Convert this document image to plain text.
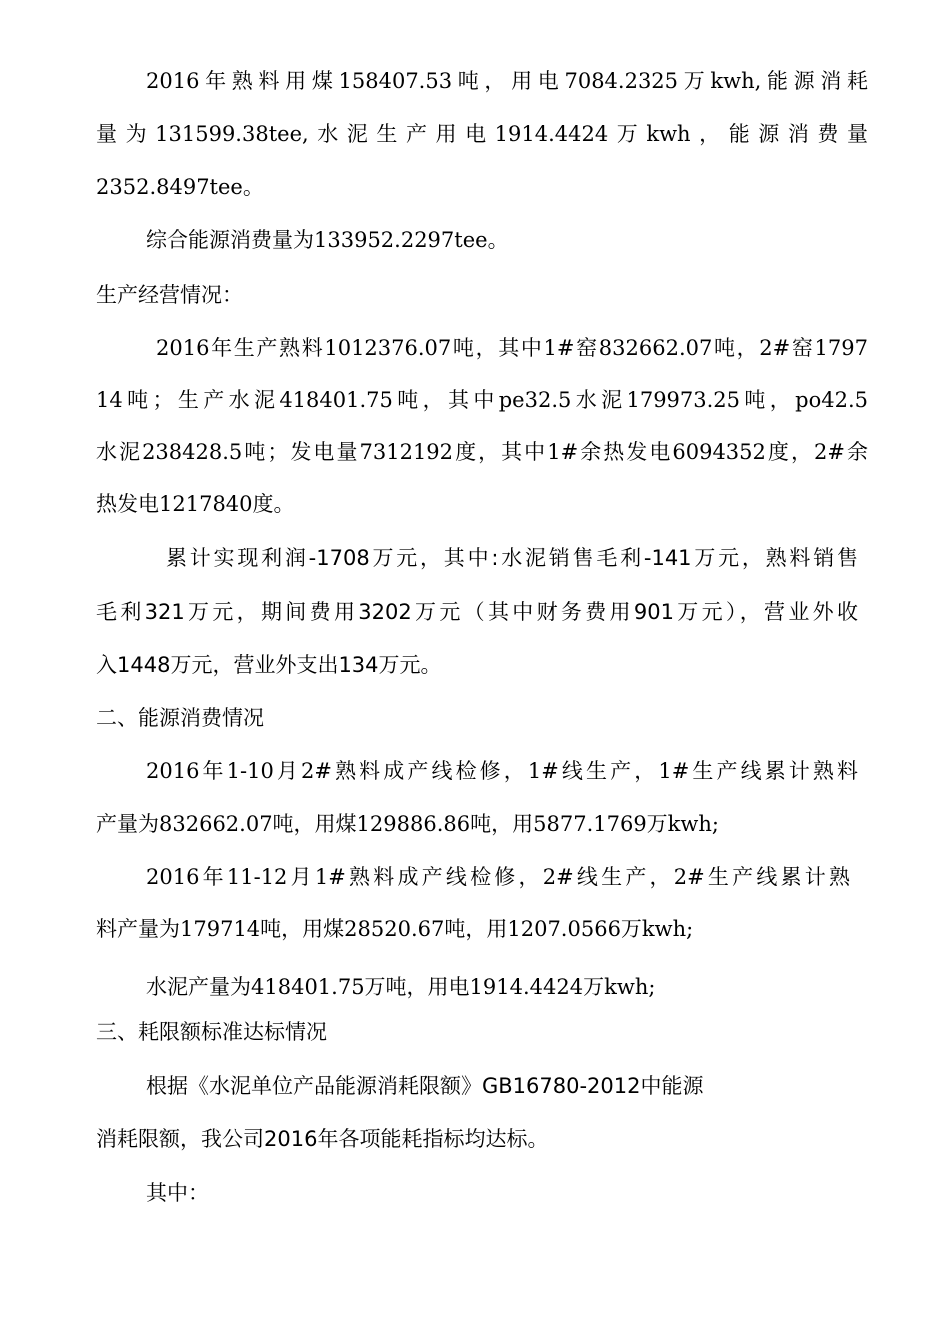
2016年熟料用煤158407.53吨，用电7084.2325万kwh,能源消耗
量为131599.38tee,水泥生产用电1914.4424万kwh，能源消费量
2352.8497tee。
综合能源消费量为133952.2297tee。
生产经营情况：
2016年生产熟料1012376.07吨，其中1#窑832662.07吨，2#窑1797
14吨；生产水泥418401.75吨，其中pe32.5水泥179973.25吨，po42.5
水泥238428.5吨；发电量7312192度，其中1#余热发电6094352度，2#余
热发电1217840度。
累计实现利润-1708万元，其中:水泥销售毛利-141万元，熟料销售
毛利321万元，期间费用3202万元（其中财务费用901万元），营业外收
入1448万元，营业外支出134万元。
二、能源消费情况
2016年1-10月2#熟料成产线检修，1#线生产，1#生产线累计熟料
产量为832662.07吨，用煤129886.86吨，用5877.1769万kwh;
2016年11-12月1#熟料成产线检修，2#线生产，2#生产线累计熟
料产量为179714吨，用煤28520.67吨，用1207.0566万kwh;
水泥产量为418401.75万吨，用电1914.4424万kwh;
三、耗限额标准达标情况
根据《水泥单位产品能源消耗限额》GB16780-2012中能源
消耗限额，我公司2016年各项能耗指标均达标。
其中：
